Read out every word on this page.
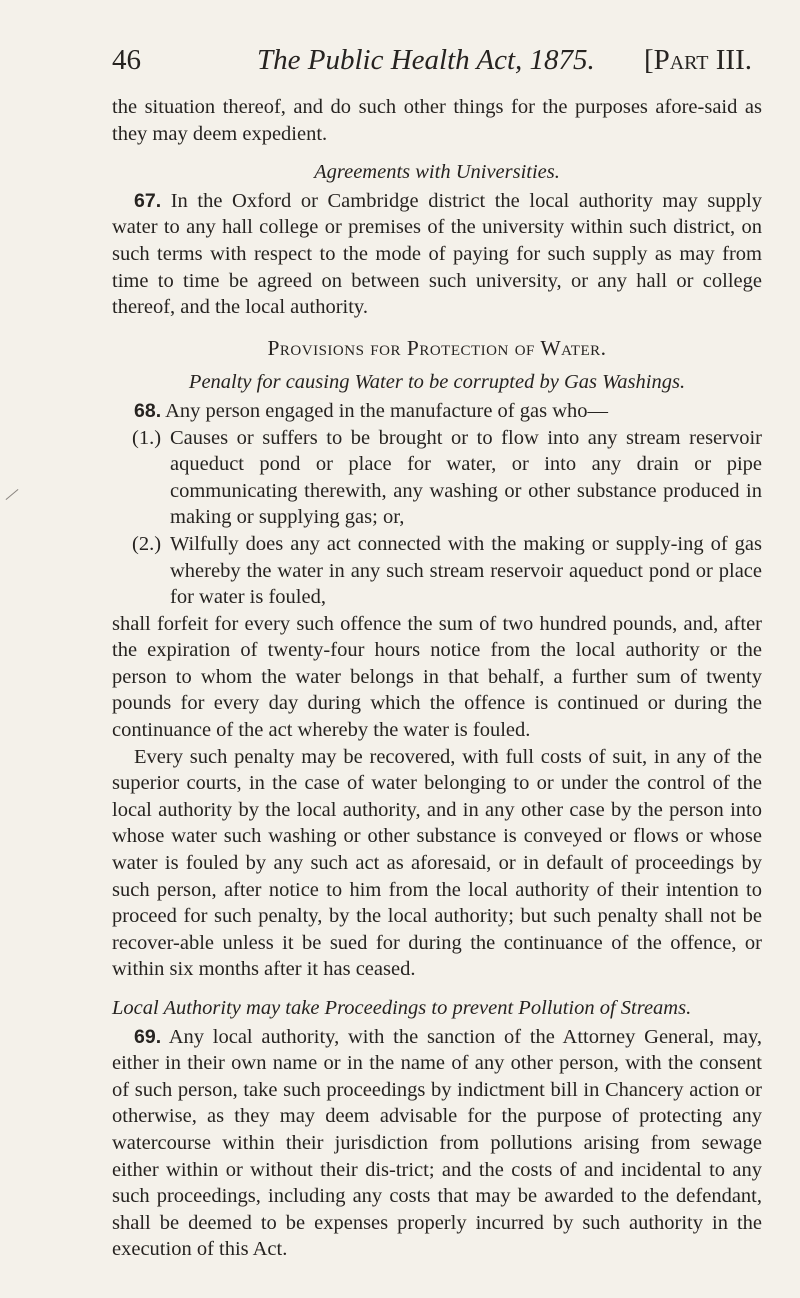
46	The Public Health Act, 1875. [Part III.

the situation thereof, and do such other things for the purposes afore-said as they may deem expedient.

Agreements with Universities.

67. In the Oxford or Cambridge district the local authority may supply water to any hall college or premises of the university within such district, on such terms with respect to the mode of paying for such supply as may from time to time be agreed on between such university, or any hall or college thereof, and the local authority.

Provisions for Protection of Water.

Penalty for causing Water to be corrupted by Gas Washings.

68. Any person engaged in the manufacture of gas who—

(1.) Causes or suffers to be brought or to flow into any stream reservoir aqueduct pond or place for water, or into any drain or pipe communicating therewith, any washing or other substance produced in making or supplying gas; or,
(2.) Wilfully does any act connected with the making or supply-ing of gas whereby the water in any such stream reservoir aqueduct pond or place for water is fouled,

shall forfeit for every such offence the sum of two hundred pounds, and, after the expiration of twenty-four hours notice from the local authority or the person to whom the water belongs in that behalf, a further sum of twenty pounds for every day during which the offence is continued or during the continuance of the act whereby the water is fouled.

Every such penalty may be recovered, with full costs of suit, in any of the superior courts, in the case of water belonging to or under the control of the local authority by the local authority, and in any other case by the person into whose water such washing or other substance is conveyed or flows or whose water is fouled by any such act as aforesaid, or in default of proceedings by such person, after notice to him from the local authority of their intention to proceed for such penalty, by the local authority; but such penalty shall not be recover-able unless it be sued for during the continuance of the offence, or within six months after it has ceased.

Local Authority may take Proceedings to prevent Pollution of Streams.

69. Any local authority, with the sanction of the Attorney General, may, either in their own name or in the name of any other person, with the consent of such person, take such proceedings by indictment bill in Chancery action or otherwise, as they may deem advisable for the purpose of protecting any watercourse within their jurisdiction from pollutions arising from sewage either within or without their dis-trict; and the costs of and incidental to any such proceedings, including any costs that may be awarded to the defendant, shall be deemed to be expenses properly incurred by such authority in the execution of this Act.
